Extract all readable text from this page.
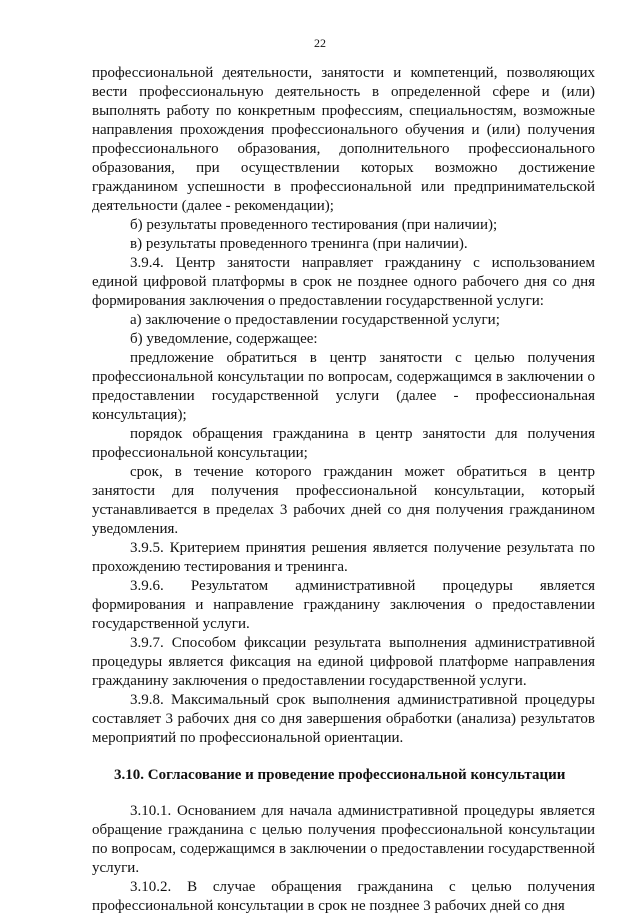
22

профессиональной деятельности, занятости и компетенций, позволяющих вести профессиональную деятельность в определенной сфере и (или) выполнять работу по конкретным профессиям, специальностям, возможные направления прохождения профессионального обучения и (или) получения профессионального образования, дополнительного профессионального образования, при осуществлении которых возможно достижение гражданином успешности в профессиональной или предпринимательской деятельности (далее - рекомендации);

б) результаты проведенного тестирования (при наличии);

в) результаты проведенного тренинга (при наличии).

3.9.4. Центр занятости направляет гражданину с использованием единой цифровой платформы в срок не позднее одного рабочего дня со дня формирования заключения о предоставлении государственной услуги:

а) заключение о предоставлении государственной услуги;

б) уведомление, содержащее:

предложение обратиться в центр занятости с целью получения профессиональной консультации по вопросам, содержащимся в заключении о предоставлении государственной услуги (далее - профессиональная консультация);

порядок обращения гражданина в центр занятости для получения профессиональной консультации;

срок, в течение которого гражданин может обратиться в центр занятости для получения профессиональной консультации, который устанавливается в пределах 3 рабочих дней со дня получения гражданином уведомления.

3.9.5. Критерием принятия решения является получение результата по прохождению тестирования и тренинга.

3.9.6. Результатом административной процедуры является формирования и направление гражданину заключения о предоставлении государственной услуги.

3.9.7. Способом фиксации результата выполнения административной процедуры является фиксация на единой цифровой платформе направления гражданину заключения о предоставлении государственной услуги.

3.9.8. Максимальный срок выполнения административной процедуры составляет 3 рабочих дня со дня завершения обработки (анализа) результатов мероприятий по профессиональной ориентации.

3.10. Согласование и проведение профессиональной консультации

3.10.1. Основанием для начала административной процедуры является обращение гражданина с целью получения профессиональной консультации по вопросам, содержащимся в заключении о предоставлении государственной услуги.

3.10.2. В случае обращения гражданина с целью получения профессиональной консультации в срок не позднее 3 рабочих дней со дня
